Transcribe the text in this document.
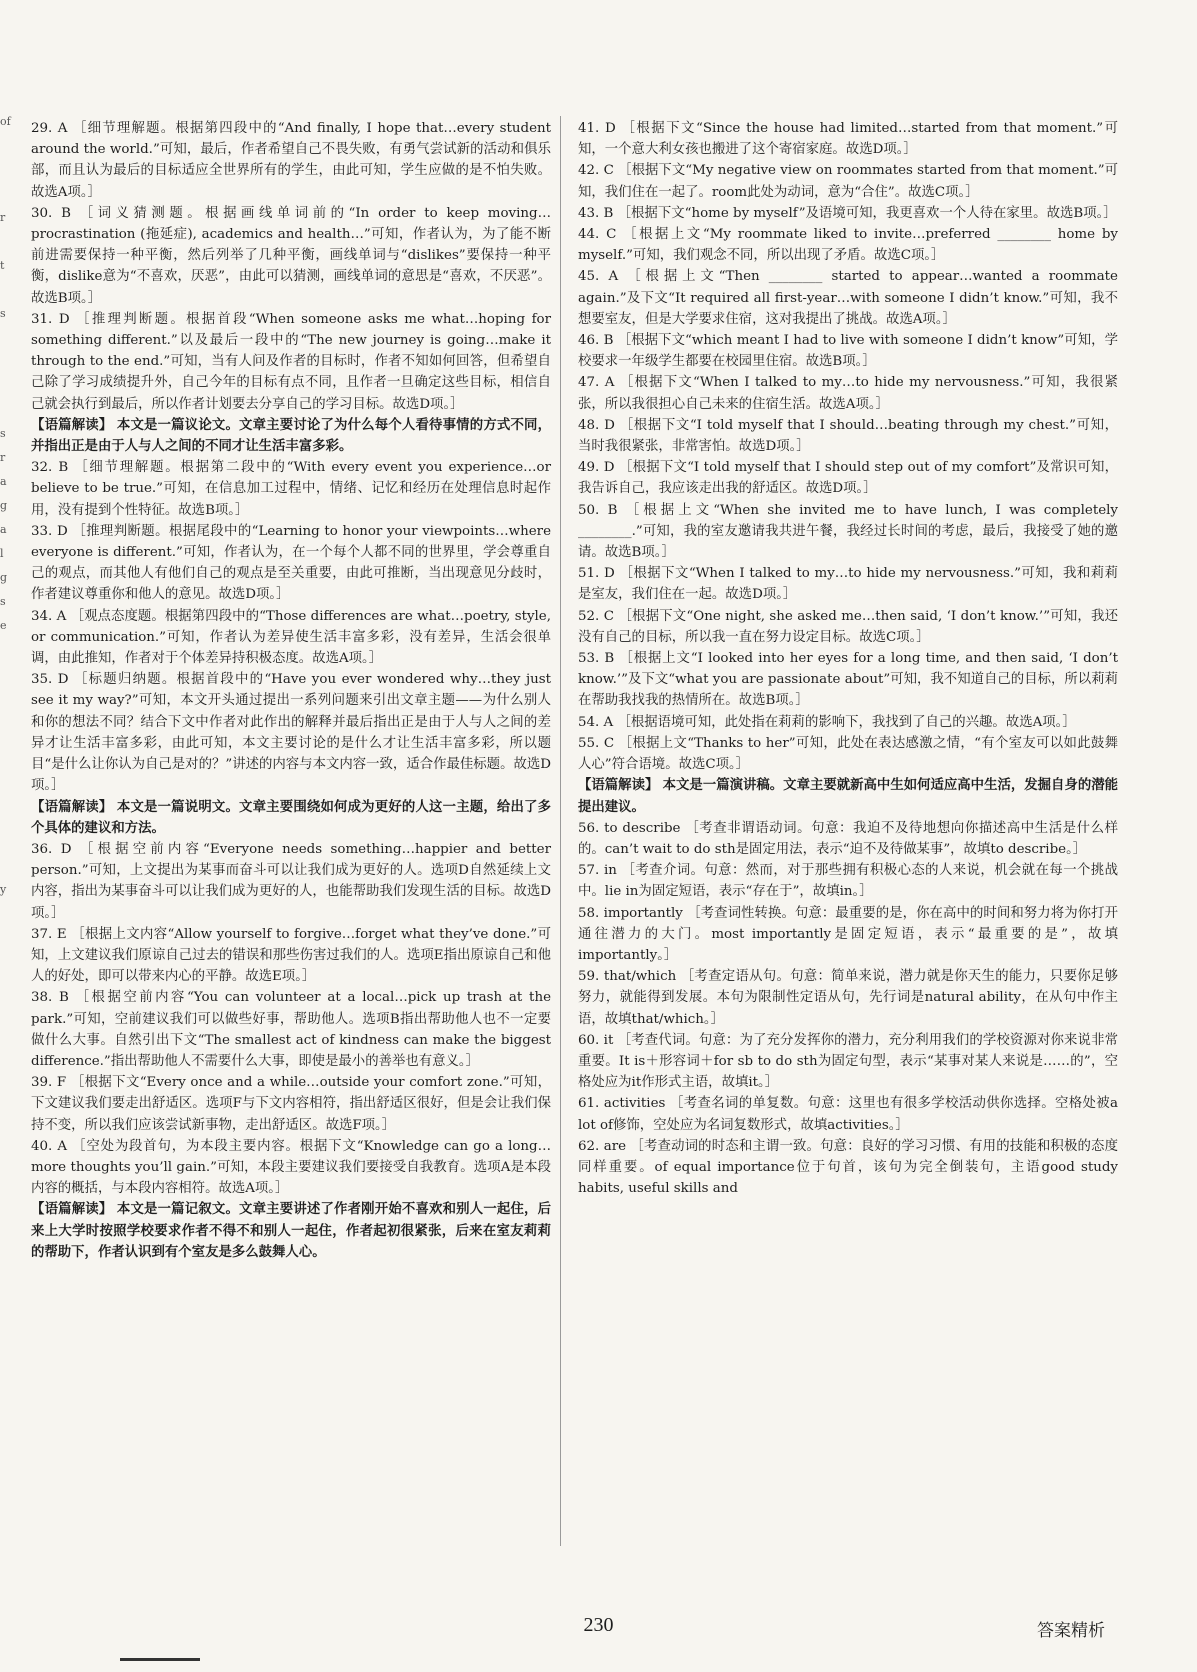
of

r

t

s

s
r
a
g
a
l
g
s
e

y

29. A ［细节理解题。根据第四段中的“And finally, I hope that…every student around the world.”可知，最后，作者希望自己不畏失败，有勇气尝试新的活动和俱乐部，而且认为最后的目标适应全世界所有的学生，由此可知，学生应做的是不怕失败。故选A项。］

30. B ［词义猜测题。根据画线单词前的“In order to keep moving…procrastination (拖延症), academics and health…”可知，作者认为，为了能不断前进需要保持一种平衡，然后列举了几种平衡，画线单词与“dislikes”要保持一种平衡，dislike意为“不喜欢，厌恶”，由此可以猜测，画线单词的意思是“喜欢，不厌恶”。故选B项。］

31. D ［推理判断题。根据首段“When someone asks me what…hoping for something different.”以及最后一段中的“The new journey is going…make it through to the end.”可知，当有人问及作者的目标时，作者不知如何回答，但希望自己除了学习成绩提升外，自己今年的目标有点不同，且作者一旦确定这些目标，相信自己就会执行到最后，所以作者计划要去分享自己的学习目标。故选D项。］

【语篇解读】 本文是一篇议论文。文章主要讨论了为什么每个人看待事情的方式不同，并指出正是由于人与人之间的不同才让生活丰富多彩。

32. B ［细节理解题。根据第二段中的“With every event you experience…or believe to be true.”可知，在信息加工过程中，情绪、记忆和经历在处理信息时起作用，没有提到个性特征。故选B项。］

33. D ［推理判断题。根据尾段中的“Learning to honor your viewpoints…where everyone is different.”可知，作者认为，在一个每个人都不同的世界里，学会尊重自己的观点，而其他人有他们自己的观点是至关重要，由此可推断，当出现意见分歧时，作者建议尊重你和他人的意见。故选D项。］

34. A ［观点态度题。根据第四段中的“Those differences are what…poetry, style, or communication.”可知，作者认为差异使生活丰富多彩，没有差异，生活会很单调，由此推知，作者对于个体差异持积极态度。故选A项。］

35. D ［标题归纳题。根据首段中的“Have you ever wondered why…they just see it my way?”可知，本文开头通过提出一系列问题来引出文章主题——为什么别人和你的想法不同？结合下文中作者对此作出的解释并最后指出正是由于人与人之间的差异才让生活丰富多彩，由此可知，本文主要讨论的是什么才让生活丰富多彩，所以题目“是什么让你认为自己是对的？”讲述的内容与本文内容一致，适合作最佳标题。故选D项。］

【语篇解读】 本文是一篇说明文。文章主要围绕如何成为更好的人这一主题，给出了多个具体的建议和方法。

36. D ［根据空前内容“Everyone needs something…happier and better person.”可知，上文提出为某事而奋斗可以让我们成为更好的人。选项D自然延续上文内容，指出为某事奋斗可以让我们成为更好的人，也能帮助我们发现生活的目标。故选D项。］

37. E ［根据上文内容“Allow yourself to forgive…forget what they’ve done.”可知，上文建议我们原谅自己过去的错误和那些伤害过我们的人。选项E指出原谅自己和他人的好处，即可以带来内心的平静。故选E项。］

38. B ［根据空前内容“You can volunteer at a local…pick up trash at the park.”可知，空前建议我们可以做些好事，帮助他人。选项B指出帮助他人也不一定要做什么大事。自然引出下文“The smallest act of kindness can make the biggest difference.”指出帮助他人不需要什么大事，即使是最小的善举也有意义。］

39. F ［根据下文“Every once and a while…outside your comfort zone.”可知，下文建议我们要走出舒适区。选项F与下文内容相符，指出舒适区很好，但是会让我们保持不变，所以我们应该尝试新事物，走出舒适区。故选F项。］

40. A ［空处为段首句，为本段主要内容。根据下文“Knowledge can go a long…more thoughts you’ll gain.”可知，本段主要建议我们要接受自我教育。选项A是本段内容的概括，与本段内容相符。故选A项。］

【语篇解读】 本文是一篇记叙文。文章主要讲述了作者刚开始不喜欢和别人一起住，后来上大学时按照学校要求作者不得不和别人一起住，作者起初很紧张，后来在室友莉莉的帮助下，作者认识到有个室友是多么鼓舞人心。

41. D ［根据下文“Since the house had limited…started from that moment.”可知，一个意大利女孩也搬进了这个寄宿家庭。故选D项。］

42. C ［根据下文“My negative view on roommates started from that moment.”可知，我们住在一起了。room此处为动词，意为“合住”。故选C项。］

43. B ［根据下文“home by myself”及语境可知，我更喜欢一个人待在家里。故选B项。］

44. C ［根据上文“My roommate liked to invite…preferred ________ home by myself.”可知，我们观念不同，所以出现了矛盾。故选C项。］

45. A ［根据上文“Then ________ started to appear…wanted a roommate again.”及下文“It required all first-year…with someone I didn’t know.”可知，我不想要室友，但是大学要求住宿，这对我提出了挑战。故选A项。］

46. B ［根据下文“which meant I had to live with someone I didn’t know”可知，学校要求一年级学生都要在校园里住宿。故选B项。］

47. A ［根据下文“When I talked to my…to hide my nervousness.”可知，我很紧张，所以我很担心自己未来的住宿生活。故选A项。］

48. D ［根据下文“I told myself that I should…beating through my chest.”可知，当时我很紧张，非常害怕。故选D项。］

49. D ［根据下文“I told myself that I should step out of my comfort”及常识可知，我告诉自己，我应该走出我的舒适区。故选D项。］

50. B ［根据上文“When she invited me to have lunch, I was completely ________.”可知，我的室友邀请我共进午餐，我经过长时间的考虑，最后，我接受了她的邀请。故选B项。］

51. D ［根据下文“When I talked to my…to hide my nervousness.”可知，我和莉莉是室友，我们住在一起。故选D项。］

52. C ［根据下文“One night, she asked me…then said, ‘I don’t know.’”可知，我还没有自己的目标，所以我一直在努力设定目标。故选C项。］

53. B ［根据上文“I looked into her eyes for a long time, and then said, ‘I don’t know.’”及下文“what you are passionate about”可知，我不知道自己的目标，所以莉莉在帮助我找我的热情所在。故选B项。］

54. A ［根据语境可知，此处指在莉莉的影响下，我找到了自己的兴趣。故选A项。］

55. C ［根据上文“Thanks to her”可知，此处在表达感激之情，“有个室友可以如此鼓舞人心”符合语境。故选C项。］

【语篇解读】 本文是一篇演讲稿。文章主要就新高中生如何适应高中生活，发掘自身的潜能提出建议。

56. to describe ［考查非谓语动词。句意：我迫不及待地想向你描述高中生活是什么样的。can’t wait to do sth是固定用法，表示“迫不及待做某事”，故填to describe。］

57. in ［考查介词。句意：然而，对于那些拥有积极心态的人来说，机会就在每一个挑战中。lie in为固定短语，表示“存在于”，故填in。］

58. importantly ［考查词性转换。句意：最重要的是，你在高中的时间和努力将为你打开通往潜力的大门。most importantly是固定短语，表示“最重要的是”，故填importantly。］

59. that/which ［考查定语从句。句意：简单来说，潜力就是你天生的能力，只要你足够努力，就能得到发展。本句为限制性定语从句，先行词是natural ability，在从句中作主语，故填that/which。］

60. it ［考查代词。句意：为了充分发挥你的潜力，充分利用我们的学校资源对你来说非常重要。It is＋形容词＋for sb to do sth为固定句型，表示“某事对某人来说是……的”，空格处应为it作形式主语，故填it。］

61. activities ［考查名词的单复数。句意：这里也有很多学校活动供你选择。空格处被a lot of修饰，空处应为名词复数形式，故填activities。］

62. are ［考查动词的时态和主谓一致。句意：良好的学习习惯、有用的技能和积极的态度同样重要。of equal importance位于句首，该句为完全倒装句，主语good study habits, useful skills and

230	答案精析
